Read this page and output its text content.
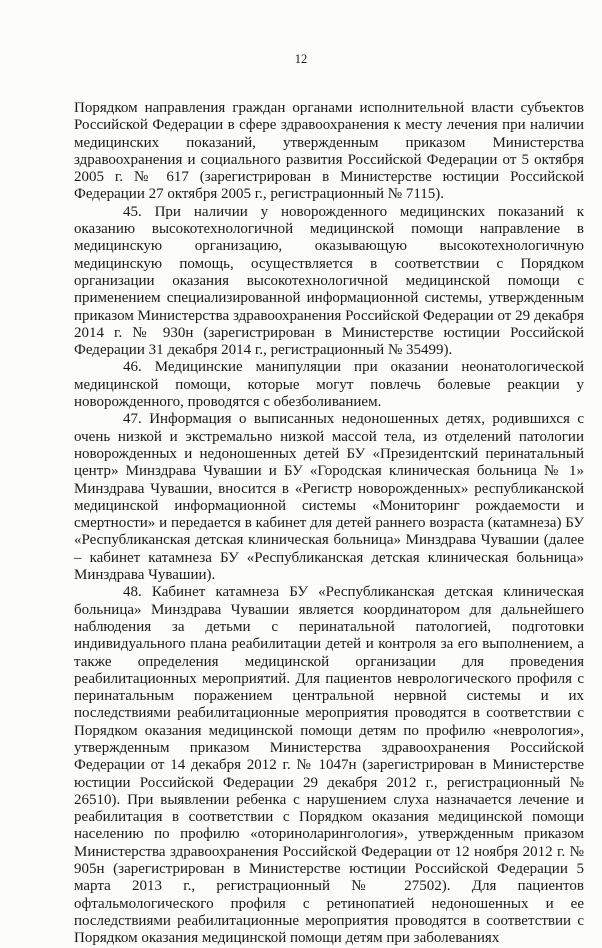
12

Порядком направления граждан органами исполнительной власти субъектов Российской Федерации в сфере здравоохранения к месту лечения при наличии медицинских показаний, утвержденным приказом Министерства здравоохранения и социального развития Российской Федерации от 5 октября 2005 г. № 617 (зарегистрирован в Министерстве юстиции Российской Федерации 27 октября 2005 г., регистрационный № 7115).

45. При наличии у новорожденного медицинских показаний к оказанию высокотехнологичной медицинской помощи направление в медицинскую организацию, оказывающую высокотехнологичную медицинскую помощь, осуществляется в соответствии с Порядком организации оказания высокотехнологичной медицинской помощи с применением специализированной информационной системы, утвержденным приказом Министерства здравоохранения Российской Федерации от 29 декабря 2014 г. № 930н (зарегистрирован в Министерстве юстиции Российской Федерации 31 декабря 2014 г., регистрационный № 35499).

46. Медицинские манипуляции при оказании неонатологической медицинской помощи, которые могут повлечь болевые реакции у новорожденного, проводятся с обезболиванием.

47. Информация о выписанных недоношенных детях, родившихся с очень низкой и экстремально низкой массой тела, из отделений патологии новорожденных и недоношенных детей БУ «Президентский перинатальный центр» Минздрава Чувашии и БУ «Городская клиническая больница № 1» Минздрава Чувашии, вносится в «Регистр новорожденных» республиканской медицинской информационной системы «Мониторинг рождаемости и смертности» и передается в кабинет для детей раннего возраста (катамнеза) БУ «Республиканская детская клиническая больница» Минздрава Чувашии (далее – кабинет катамнеза БУ «Республиканская детская клиническая больница» Минздрава Чувашии).

48. Кабинет катамнеза БУ «Республиканская детская клиническая больница» Минздрава Чувашии является координатором для дальнейшего наблюдения за детьми с перинатальной патологией, подготовки индивидуального плана реабилитации детей и контроля за его выполнением, а также определения медицинской организации для проведения реабилитационных мероприятий. Для пациентов неврологического профиля с перинатальным поражением центральной нервной системы и их последствиями реабилитационные мероприятия проводятся в соответствии с Порядком оказания медицинской помощи детям по профилю «неврология», утвержденным приказом Министерства здравоохранения Российской Федерации от 14 декабря 2012 г. № 1047н (зарегистрирован в Министерстве юстиции Российской Федерации 29 декабря 2012 г., регистрационный № 26510). При выявлении ребенка с нарушением слуха назначается лечение и реабилитация в соответствии с Порядком оказания медицинской помощи населению по профилю «оториноларингология», утвержденным приказом Министерства здравоохранения Российской Федерации от 12 ноября 2012 г. № 905н (зарегистрирован в Министерстве юстиции Российской Федерации 5 марта 2013 г., регистрационный № 27502). Для пациентов офтальмологического профиля с ретинопатией недоношенных и ее последствиями реабилитационные мероприятия проводятся в соответствии с Порядком оказания медицинской помощи детям при заболеваниях
